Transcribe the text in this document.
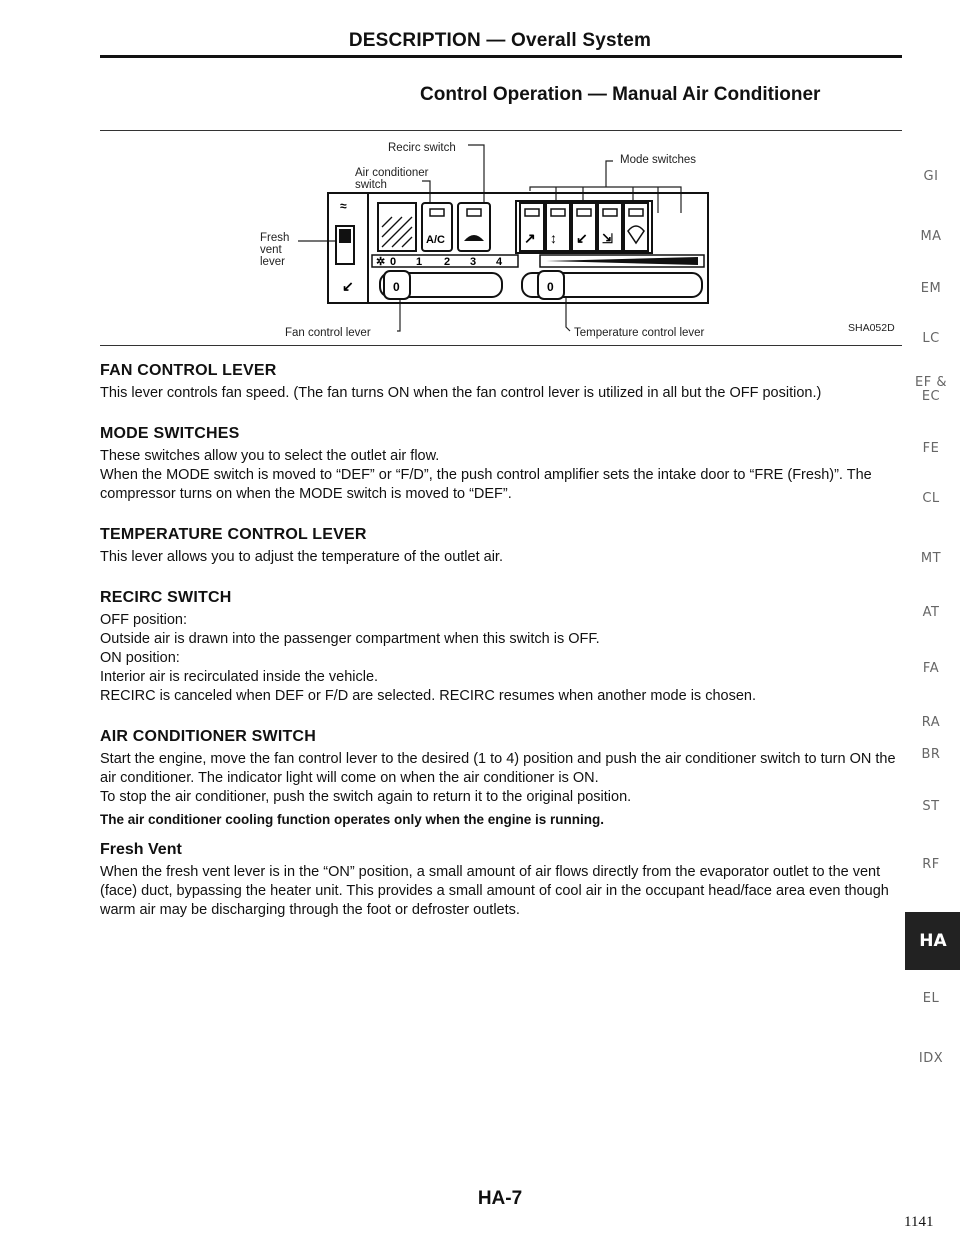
DESCRIPTION — Overall System
Control Operation — Manual Air Conditioner
Recirc switch
Air conditioner
switch
Mode switches
Fresh
vent
lever
Fan control lever	Temperature control lever	SHA052D
≈
↙
A/C	↗ ↕ ↙ ⇲
✲ 0 1 2 3 4
0	0
FAN CONTROL LEVER

This lever controls fan speed. (The fan turns ON when the fan control lever is utilized in all but the OFF position.)

MODE SWITCHES

These switches allow you to select the outlet air flow.

When the MODE switch is moved to “DEF” or “F/D”, the push control amplifier sets the intake door to “FRE (Fresh)”. The compressor turns on when the MODE switch is moved to “DEF”.

TEMPERATURE CONTROL LEVER

This lever allows you to adjust the temperature of the outlet air.

RECIRC SWITCH

OFF position:

Outside air is drawn into the passenger compartment when this switch is OFF.

ON position:

Interior air is recirculated inside the vehicle.

RECIRC is canceled when DEF or F/D are selected. RECIRC resumes when another mode is chosen.

AIR CONDITIONER SWITCH

Start the engine, move the fan control lever to the desired (1 to 4) position and push the air conditioner switch to turn ON the air conditioner. The indicator light will come on when the air conditioner is ON.

To stop the air conditioner, push the switch again to return it to the original position.

The air conditioner cooling function operates only when the engine is running.

Fresh Vent

When the fresh vent lever is in the “ON” position, a small amount of air flows directly from the evaporator outlet to the vent (face) duct, bypassing the heater unit. This provides a small amount of cool air in the occupant head/face area even though warm air may be discharging through the foot or defroster outlets.

GI
MA
EM
LC
EF &
EC
FE
CL
MT
AT
FA
RA
BR
ST
RF
HA
EL
IDX
HA-7
1141
